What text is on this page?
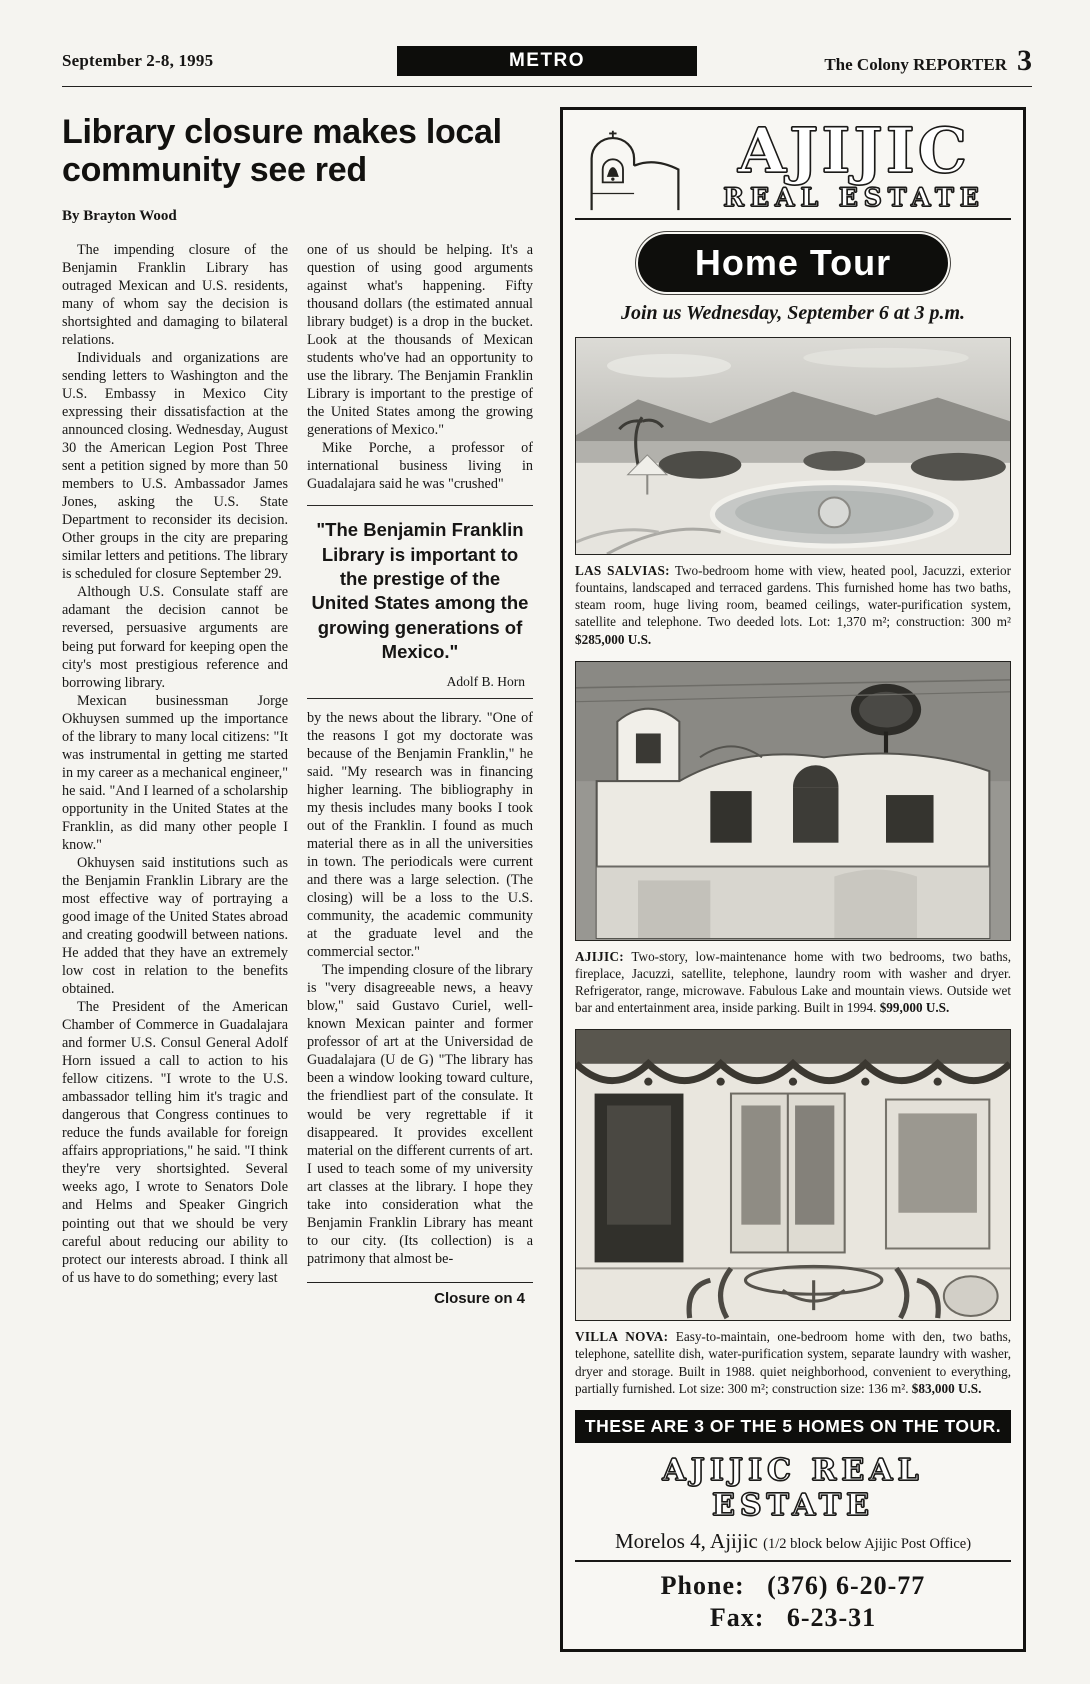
September 2-8, 1995	METRO	The Colony REPORTER 3
Library closure makes local community see red
By Brayton Wood

The impending closure of the Benjamin Franklin Library has outraged Mexican and U.S. residents, many of whom say the decision is shortsighted and damaging to bilateral relations.

Individuals and organizations are sending letters to Washington and the U.S. Embassy in Mexico City expressing their dissatisfaction at the announced closing. Wednesday, August 30 the American Legion Post Three sent a petition signed by more than 50 members to U.S. Ambassador James Jones, asking the U.S. State Department to reconsider its decision. Other groups in the city are preparing similar letters and petitions. The library is scheduled for closure September 29.

Although U.S. Consulate staff are adamant the decision cannot be reversed, persuasive arguments are being put forward for keeping open the city's most prestigious reference and borrowing library.

Mexican businessman Jorge Okhuysen summed up the importance of the library to many local citizens: "It was instrumental in getting me started in my career as a mechanical engineer," he said. "And I learned of a scholarship opportunity in the United States at the Franklin, as did many other people I know."

Okhuysen said institutions such as the Benjamin Franklin Library are the most effective way of portraying a good image of the United States abroad and creating goodwill between nations. He added that they have an extremely low cost in relation to the benefits obtained.

The President of the American Chamber of Commerce in Guadalajara and former U.S. Consul General Adolf Horn issued a call to action to his fellow citizens. "I wrote to the U.S. ambassador telling him it's tragic and dangerous that Congress continues to reduce the funds available for foreign affairs appropriations," he said. "I think they're very shortsighted. Several weeks ago, I wrote to Senators Dole and Helms and Speaker Gingrich pointing out that we should be very careful about reducing our ability to protect our interests abroad. I think all of us have to do something; every last

one of us should be helping. It's a question of using good arguments against what's happening. Fifty thousand dollars (the estimated annual library budget) is a drop in the bucket. Look at the thousands of Mexican students who've had an opportunity to use the library. The Benjamin Franklin Library is important to the prestige of the United States among the growing generations of Mexico."

Mike Porche, a professor of international business living in Guadalajara said he was "crushed"

"The Benjamin Franklin Library is important to the prestige of the United States among the growing generations of Mexico."

Adolf B. Horn

by the news about the library. "One of the reasons I got my doctorate was because of the Benjamin Franklin," he said. "My research was in financing higher learning. The bibliography in my thesis includes many books I took out of the Franklin. I found as much material there as in all the universities in town. The periodicals were current and there was a large selection. (The closing) will be a loss to the U.S. community, the academic community at the graduate level and the commercial sector."

The impending closure of the library is "very disagreeable news, a heavy blow," said Gustavo Curiel, well-known Mexican painter and former professor of art at the Universidad de Guadalajara (U de G) "The library has been a window looking toward culture, the friendliest part of the consulate. It would be very regrettable if it disappeared. It provides excellent material on the different currents of art. I used to teach some of my university art classes at the library. I hope they take into consideration what the Benjamin Franklin Library has meant to our city. (Its collection) is a patrimony that almost be-

Closure on 4
AJIJIC
REAL ESTATE
Home Tour
Join us Wednesday, September 6 at 3 p.m.

LAS SALVIAS: Two-bedroom home with view, heated pool, Jacuzzi, exterior fountains, landscaped and terraced gardens. This furnished home has two baths, steam room, huge living room, beamed ceilings, water-purification system, satellite and telephone. Two deeded lots. Lot: 1,370 m²; construction: 300 m² $285,000 U.S.

AJIJIC: Two-story, low-maintenance home with two bedrooms, two baths, fireplace, Jacuzzi, satellite, telephone, laundry room with washer and dryer. Refrigerator, range, microwave. Fabulous Lake and mountain views. Outside wet bar and entertainment area, inside parking. Built in 1994. $99,000 U.S.

VILLA NOVA: Easy-to-maintain, one-bedroom home with den, two baths, telephone, satellite dish, water-purification system, separate laundry with washer, dryer and storage. Built in 1988. quiet neighborhood, convenient to everything, partially furnished. Lot size: 300 m²; construction size: 136 m². $83,000 U.S.

THESE ARE 3 OF THE 5 HOMES ON THE TOUR.
AJIJIC REAL ESTATE
Morelos 4, Ajijic (1/2 block below Ajijic Post Office)
Phone: (376) 6-20-77
Fax: 6-23-31
